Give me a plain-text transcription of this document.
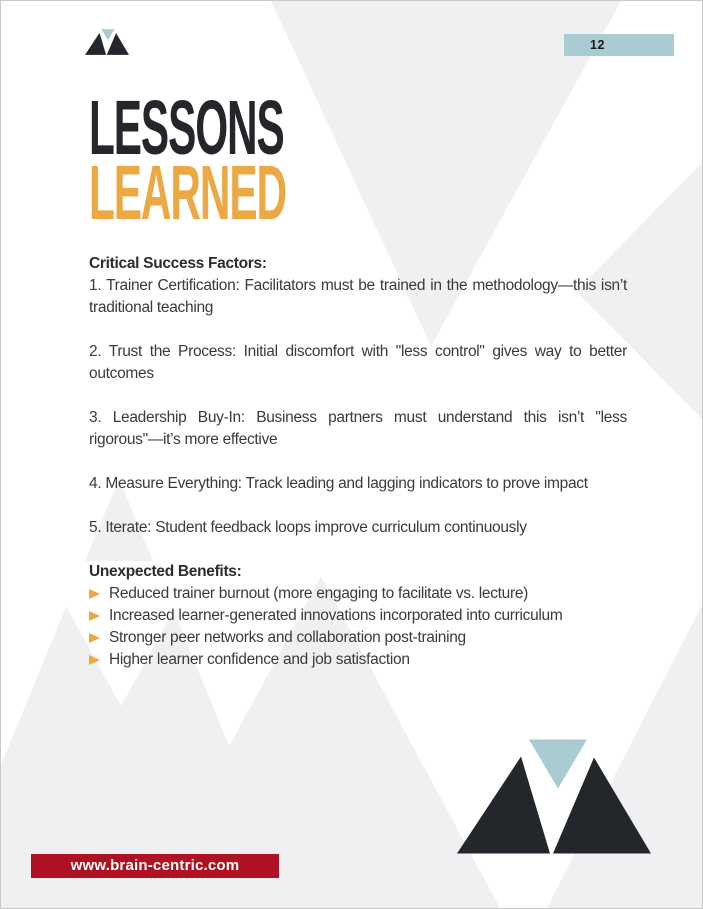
12
LESSONS
LEARNED
Critical Success Factors:

1. Trainer Certification: Facilitators must be trained in the methodology—this isn’t traditional teaching

2. Trust the Process: Initial discomfort with "less control" gives way to better outcomes

3. Leadership Buy-In: Business partners must understand this isn’t "less rigorous"—it’s more effective

4. Measure Everything: Track leading and lagging indicators to prove impact

5. Iterate: Student feedback loops improve curriculum continuously

Unexpected Benefits:
Reduced trainer burnout (more engaging to facilitate vs. lecture)
Increased learner-generated innovations incorporated into curriculum
Stronger peer networks and collaboration post-training
Higher learner confidence and job satisfaction
www.brain-centric.com
